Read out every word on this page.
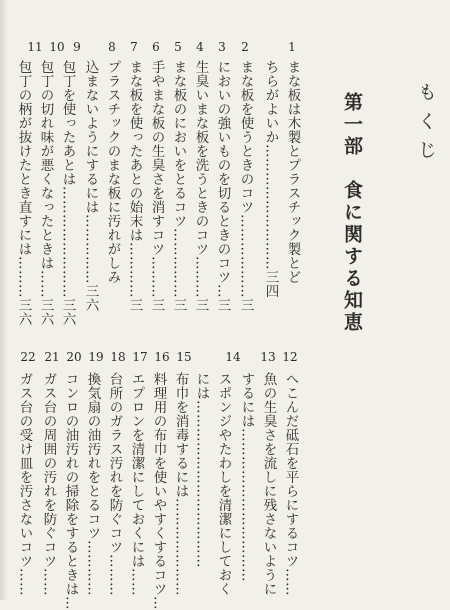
もくじ
第一部　食に関する知恵
1
まな板は木製とプラスチック製とど
ちらがよいか………………………三四
2
まな板を使うときのコツ………………三
3
においの強いものを切るときのコツ…三
4
生臭いまな板を洗うときのコツ………三
5
まな板のにおいをとるコツ……………三
6
手やまな板の生臭さを消すコツ………三
7
まな板を使ったあとの始末は…………三
8
プラスチックのまな板に汚れがしみ
込まないようにするには……………三六
9
包丁を使ったあとは……………………三六
10
包丁の切れ味が悪くなったときは……三六
11
包丁の柄が抜けたとき直すには………三六
12
へこんだ砥石を平らにするコツ……
13
魚の生臭さを流しに残さないように
するには……………………………
14
スポンジやたわしを清潔にしておく
には………………………………
15
布巾を消毒するには…………………
16
料理用の布巾を使いやすくするコツ…
17
エプロンを清潔にしておくには……
18
台所のガラス汚れを防ぐコツ………
19
換気扇の油汚れをとるコツ…………
20
コンロの油汚れの掃除をするときは…
21
ガス台の周囲の汚れを防ぐコツ……
22
ガス台の受け皿を汚さないコツ……
